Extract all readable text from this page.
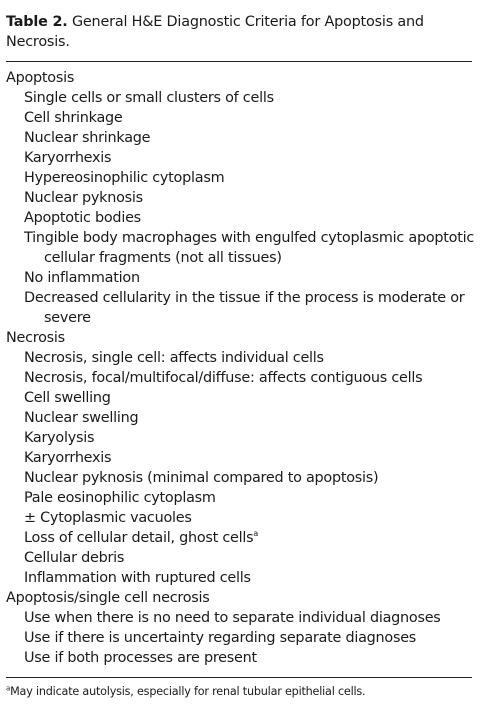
Table 2. General H&E Diagnostic Criteria for Apoptosis and
Necrosis.
Apoptosis
Single cells or small clusters of cells
Cell shrinkage
Nuclear shrinkage
Karyorrhexis
Hypereosinophilic cytoplasm
Nuclear pyknosis
Apoptotic bodies
Tingible body macrophages with engulfed cytoplasmic apoptotic
cellular fragments (not all tissues)
No inflammation
Decreased cellularity in the tissue if the process is moderate or
severe
Necrosis
Necrosis, single cell: affects individual cells
Necrosis, focal/multifocal/diffuse: affects contiguous cells
Cell swelling
Nuclear swelling
Karyolysis
Karyorrhexis
Nuclear pyknosis (minimal compared to apoptosis)
Pale eosinophilic cytoplasm
± Cytoplasmic vacuoles
Loss of cellular detail, ghost cells$^a$
Cellular debris
Inflammation with ruptured cells
Apoptosis/single cell necrosis
Use when there is no need to separate individual diagnoses
Use if there is uncertainty regarding separate diagnoses
Use if both processes are present
$^a$May indicate autolysis, especially for renal tubular epithelial cells.
